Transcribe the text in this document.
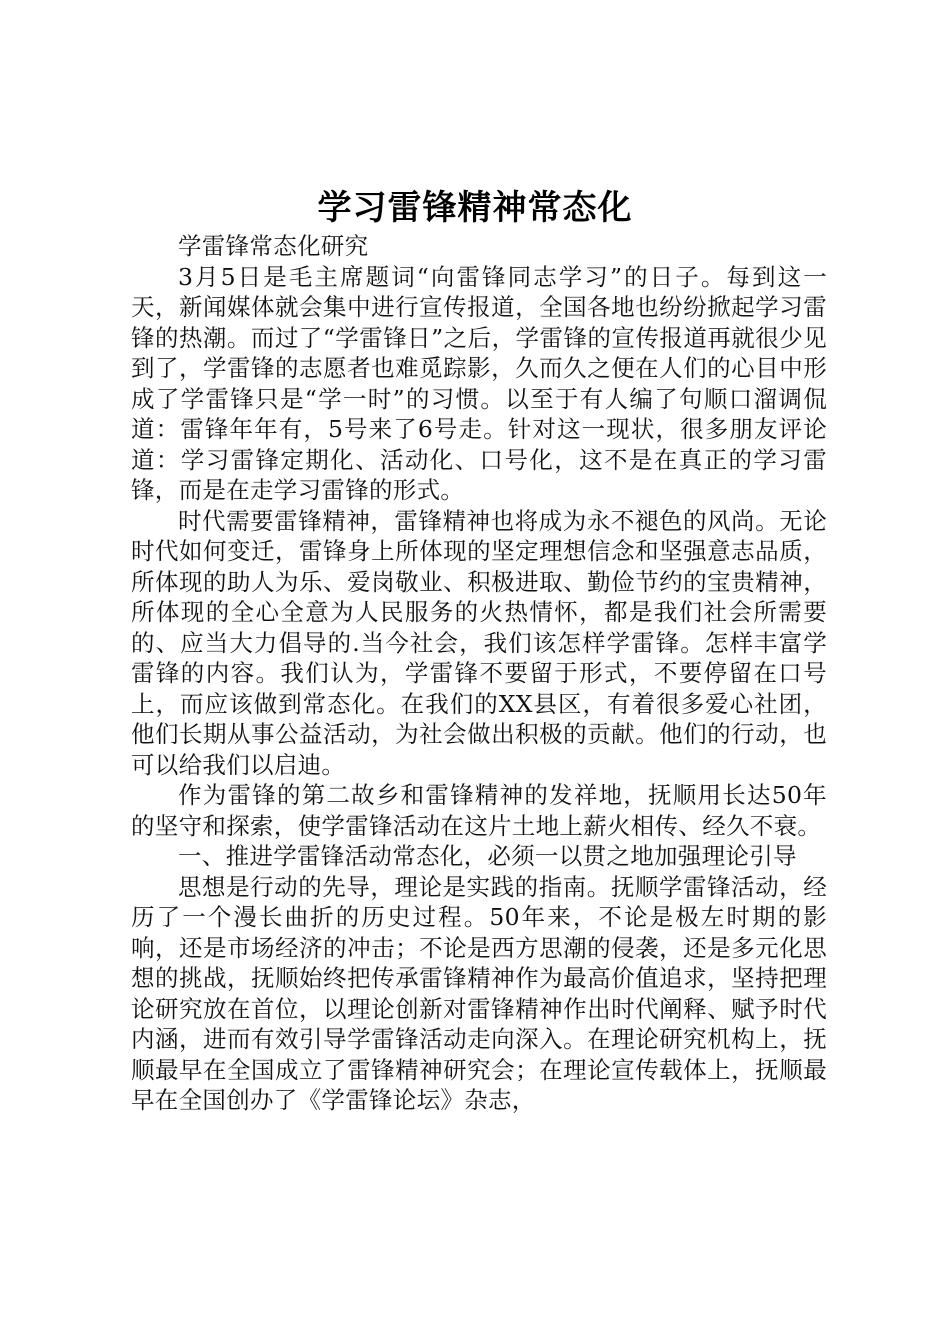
学习雷锋精神常态化

学雷锋常态化研究

3月5日是毛主席题词“向雷锋同志学习”的日子。每到这一天，新闻媒体就会集中进行宣传报道，全国各地也纷纷掀起学习雷锋的热潮。而过了“学雷锋日”之后，学雷锋的宣传报道再就很少见到了，学雷锋的志愿者也难觅踪影，久而久之便在人们的心目中形成了学雷锋只是“学一时”的习惯。以至于有人编了句顺口溜调侃道：雷锋年年有，5号来了6号走。针对这一现状，很多朋友评论道：学习雷锋定期化、活动化、口号化，这不是在真正的学习雷锋，而是在走学习雷锋的形式。

时代需要雷锋精神，雷锋精神也将成为永不褪色的风尚。无论时代如何变迁，雷锋身上所体现的坚定理想信念和坚强意志品质，所体现的助人为乐、爱岗敬业、积极进取、勤俭节约的宝贵精神，所体现的全心全意为人民服务的火热情怀，都是我们社会所需要的、应当大力倡导的.当今社会，我们该怎样学雷锋。怎样丰富学雷锋的内容。我们认为，学雷锋不要留于形式，不要停留在口号上，而应该做到常态化。在我们的XX县区，有着很多爱心社团，他们长期从事公益活动，为社会做出积极的贡献。他们的行动，也可以给我们以启迪。

作为雷锋的第二故乡和雷锋精神的发祥地，抚顺用长达50年的坚守和探索，使学雷锋活动在这片土地上薪火相传、经久不衰。

一、推进学雷锋活动常态化，必须一以贯之地加强理论引导

思想是行动的先导，理论是实践的指南。抚顺学雷锋活动，经历了一个漫长曲折的历史过程。50年来，不论是极左时期的影响，还是市场经济的冲击；不论是西方思潮的侵袭，还是多元化思想的挑战，抚顺始终把传承雷锋精神作为最高价值追求，坚持把理论研究放在首位，以理论创新对雷锋精神作出时代阐释、赋予时代内涵，进而有效引导学雷锋活动走向深入。在理论研究机构上，抚顺最早在全国成立了雷锋精神研究会；在理论宣传载体上，抚顺最早在全国创办了《学雷锋论坛》杂志，
